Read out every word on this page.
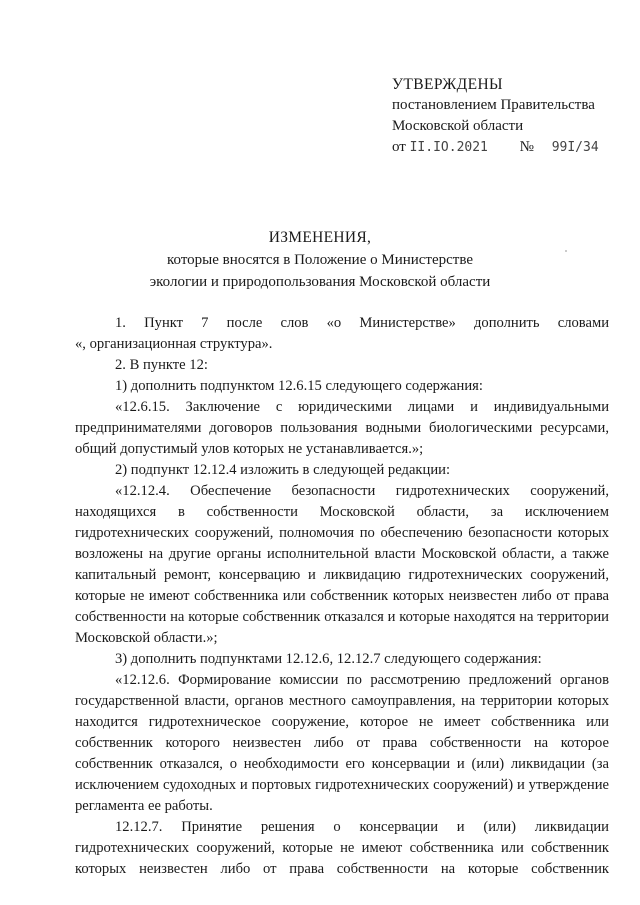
УТВЕРЖДЕНЫ
постановлением Правительства
Московской области
от II.IO.2021 № 99I/34
ИЗМЕНЕНИЯ,
которые вносятся в Положение о Министерстве
экологии и природопользования Московской области
1. Пункт 7 после слов «о Министерстве» дополнить словами
«, организационная структура».
2. В пункте 12:
1) дополнить подпунктом 12.6.15 следующего содержания:
«12.6.15. Заключение с юридическими лицами и индивидуальными предпринимателями договоров пользования водными биологическими ресурсами, общий допустимый улов которых не устанавливается.»;
2) подпункт 12.12.4 изложить в следующей редакции:
«12.12.4. Обеспечение безопасности гидротехнических сооружений, находящихся в собственности Московской области, за исключением гидротехнических сооружений, полномочия по обеспечению безопасности которых возложены на другие органы исполнительной власти Московской области, а также капитальный ремонт, консервацию и ликвидацию гидротехнических сооружений, которые не имеют собственника или собственник которых неизвестен либо от права собственности на которые собственник отказался и которые находятся на территории Московской области.»;
3) дополнить подпунктами 12.12.6, 12.12.7 следующего содержания:
«12.12.6. Формирование комиссии по рассмотрению предложений органов государственной власти, органов местного самоуправления, на территории которых находится гидротехническое сооружение, которое не имеет собственника или собственник которого неизвестен либо от права собственности на которое собственник отказался, о необходимости его консервации и (или) ликвидации (за исключением судоходных и портовых гидротехнических сооружений) и утверждение регламента ее работы.
12.12.7. Принятие решения о консервации и (или) ликвидации гидротехнических сооружений, которые не имеют собственника или собственник которых неизвестен либо от права собственности на которые собственник
